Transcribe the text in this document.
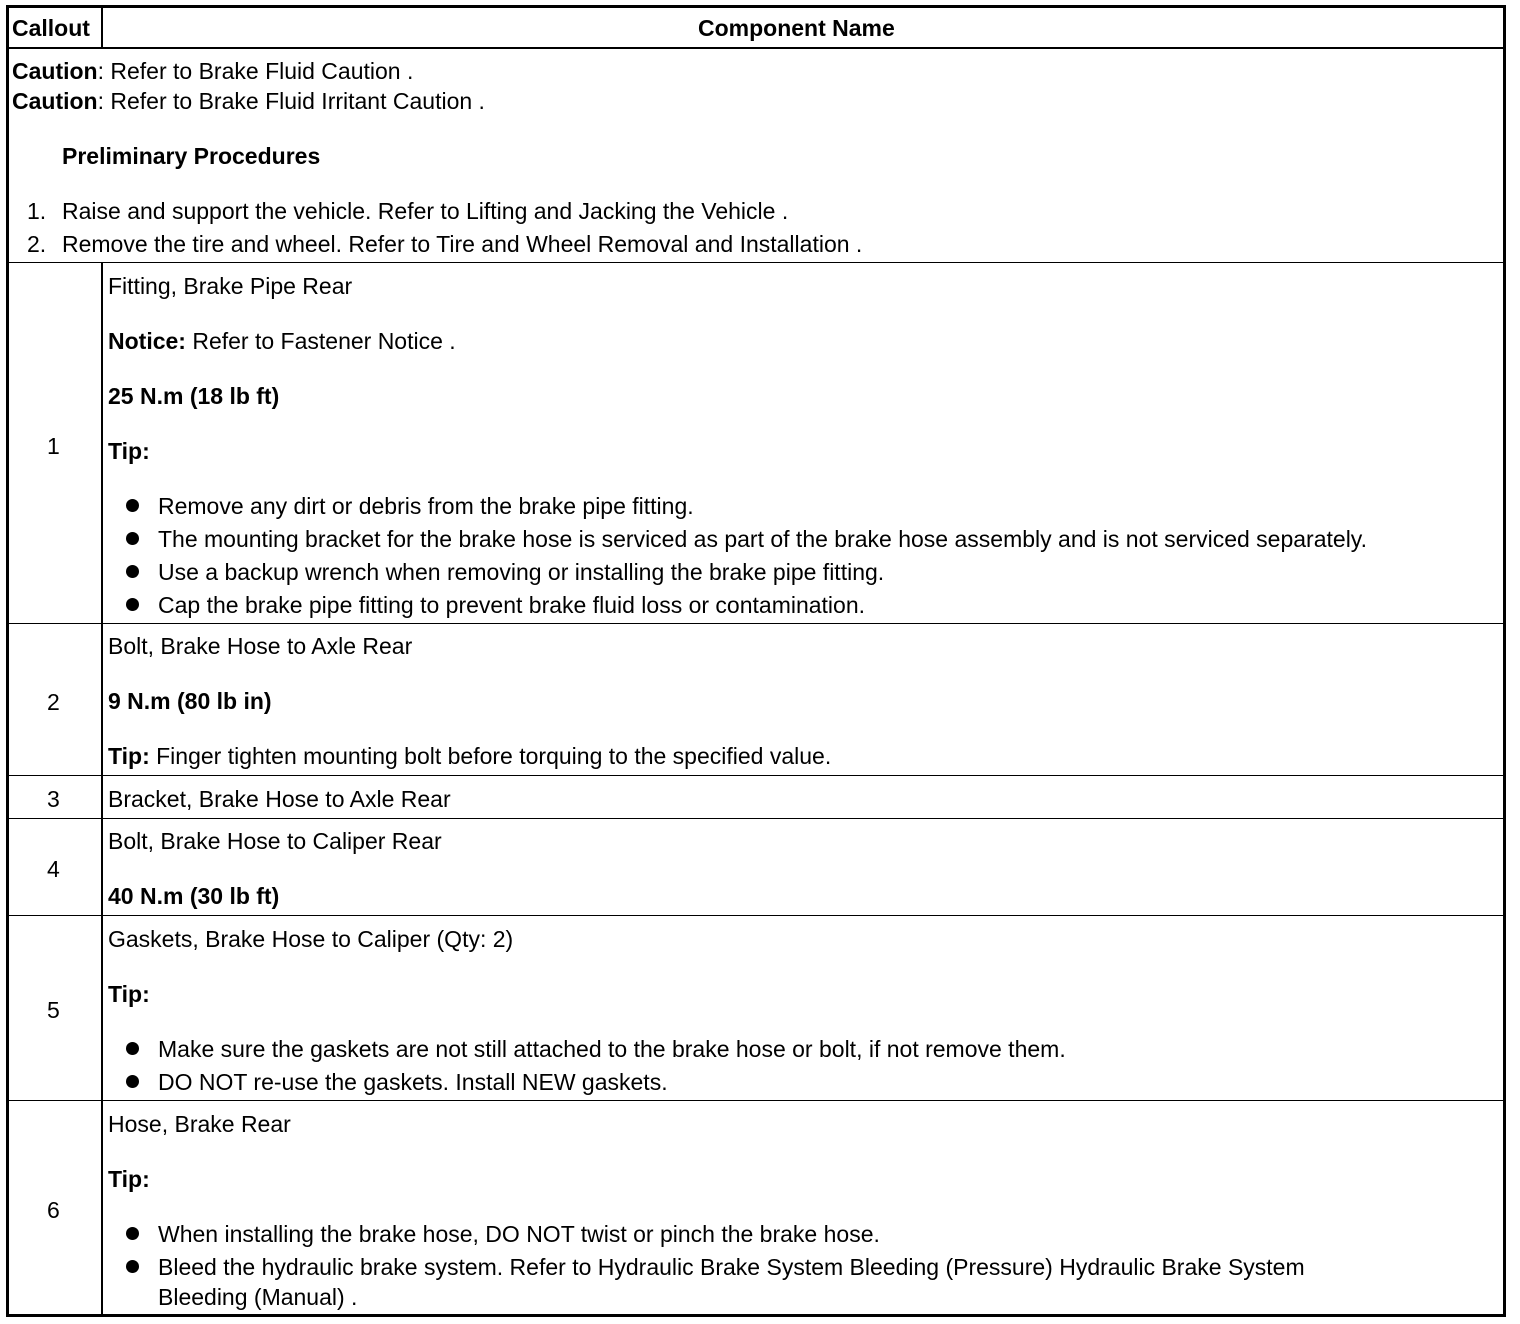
Callout	Component Name
Caution: Refer to Brake Fluid Caution .
Caution: Refer to Brake Fluid Irritant Caution .
Preliminary Procedures
1. Raise and support the vehicle. Refer to Lifting and Jacking the Vehicle .
2. Remove the tire and wheel. Refer to Tire and Wheel Removal and Installation .
1
Fitting, Brake Pipe Rear
Notice: Refer to Fastener Notice .
25 N.m (18 lb ft)
Tip:
Remove any dirt or debris from the brake pipe fitting.
The mounting bracket for the brake hose is serviced as part of the brake hose assembly and is not serviced separately.
Use a backup wrench when removing or installing the brake pipe fitting.
Cap the brake pipe fitting to prevent brake fluid loss or contamination.
2
Bolt, Brake Hose to Axle Rear
9 N.m (80 lb in)
Tip: Finger tighten mounting bolt before torquing to the specified value.
3 Bracket, Brake Hose to Axle Rear
4
Bolt, Brake Hose to Caliper Rear
40 N.m (30 lb ft)
5
Gaskets, Brake Hose to Caliper (Qty: 2)
Tip:
Make sure the gaskets are not still attached to the brake hose or bolt, if not remove them.
DO NOT re-use the gaskets. Install NEW gaskets.
6
Hose, Brake Rear
Tip:
When installing the brake hose, DO NOT twist or pinch the brake hose.
Bleed the hydraulic brake system. Refer to Hydraulic Brake System Bleeding (Pressure) Hydraulic Brake System
Bleeding (Manual) .
